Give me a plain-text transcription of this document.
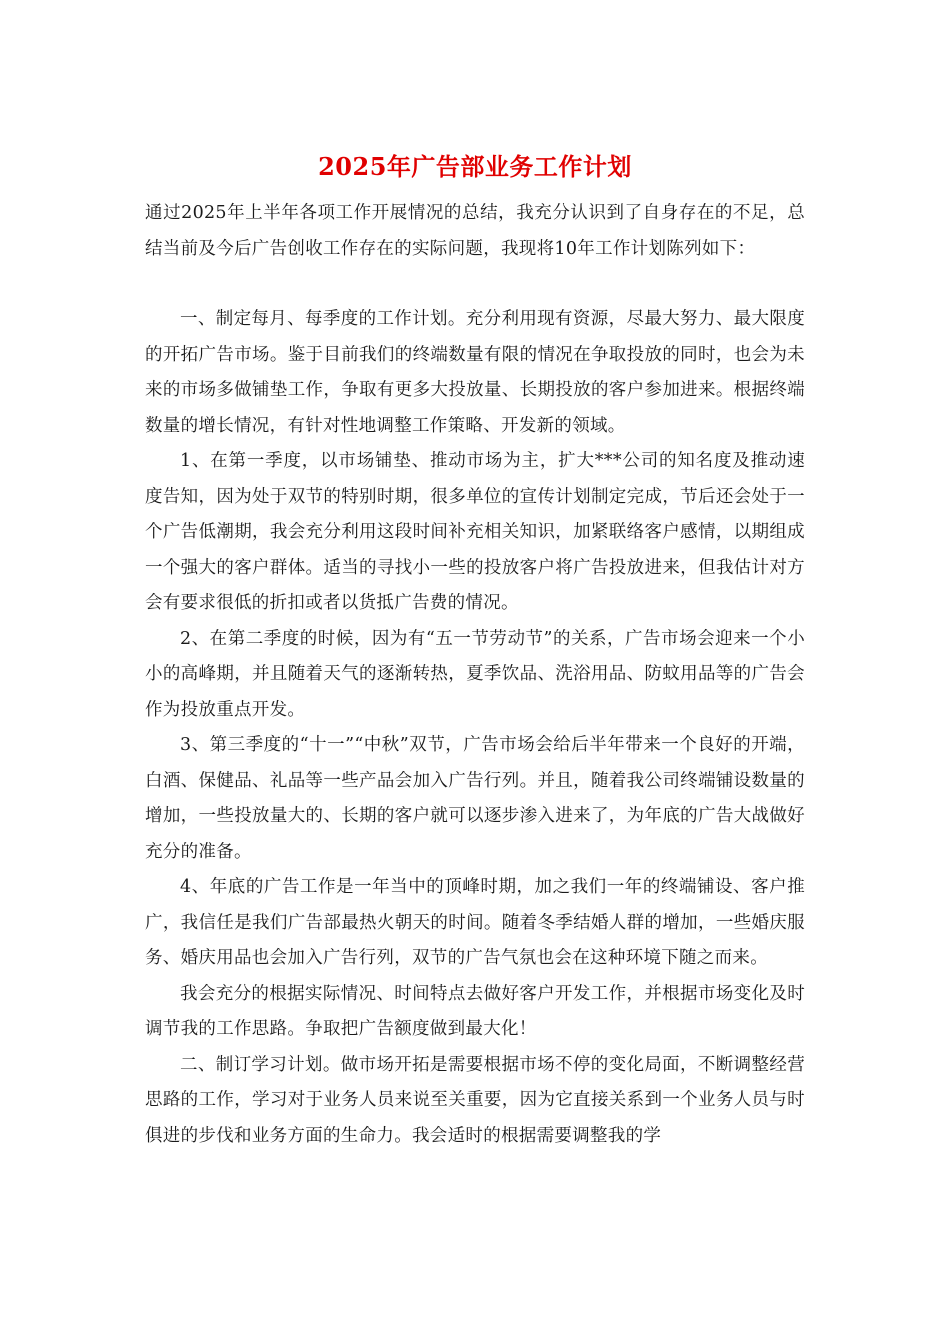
2025年广告部业务工作计划

通过2025年上半年各项工作开展情况的总结，我充分认识到了自身存在的不足，总结当前及今后广告创收工作存在的实际问题，我现将10年工作计划陈列如下：

一、制定每月、每季度的工作计划。充分利用现有资源，尽最大努力、最大限度的开拓广告市场。鉴于目前我们的终端数量有限的情况在争取投放的同时，也会为未来的市场多做铺垫工作，争取有更多大投放量、长期投放的客户参加进来。根据终端数量的增长情况，有针对性地调整工作策略、开发新的领域。

1、在第一季度，以市场铺垫、推动市场为主，扩大***公司的知名度及推动速度告知，因为处于双节的特别时期，很多单位的宣传计划制定完成，节后还会处于一个广告低潮期，我会充分利用这段时间补充相关知识，加紧联络客户感情，以期组成一个强大的客户群体。适当的寻找小一些的投放客户将广告投放进来，但我估计对方会有要求很低的折扣或者以货抵广告费的情况。

2、在第二季度的时候，因为有“五一节劳动节”的关系，广告市场会迎来一个小小的高峰期，并且随着天气的逐渐转热，夏季饮品、洗浴用品、防蚊用品等的广告会作为投放重点开发。

3、第三季度的“十一”“中秋”双节，广告市场会给后半年带来一个良好的开端，白酒、保健品、礼品等一些产品会加入广告行列。并且，随着我公司终端铺设数量的增加，一些投放量大的、长期的客户就可以逐步渗入进来了，为年底的广告大战做好充分的准备。

4、年底的广告工作是一年当中的顶峰时期，加之我们一年的终端铺设、客户推广，我信任是我们广告部最热火朝天的时间。随着冬季结婚人群的增加，一些婚庆服务、婚庆用品也会加入广告行列，双节的广告气氛也会在这种环境下随之而来。

我会充分的根据实际情况、时间特点去做好客户开发工作，并根据市场变化及时调节我的工作思路。争取把广告额度做到最大化！

二、制订学习计划。做市场开拓是需要根据市场不停的变化局面，不断调整经营思路的工作，学习对于业务人员来说至关重要，因为它直接关系到一个业务人员与时俱进的步伐和业务方面的生命力。我会适时的根据需要调整我的学
